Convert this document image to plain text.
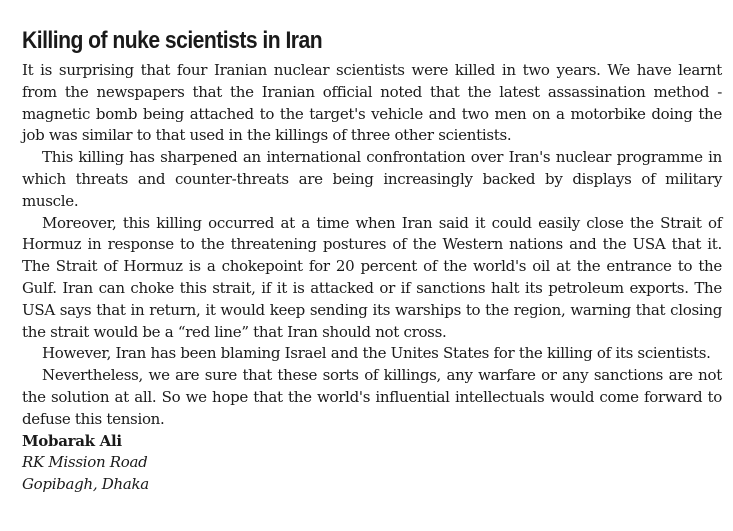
Killing of nuke scientists in Iran

It is surprising that four Iranian nuclear scientists were killed in two years. We have learnt from the newspapers that the Iranian official noted that the latest assassination method - magnetic bomb being attached to the target's vehicle and two men on a motorbike doing the job was similar to that used in the killings of three other scientists.

This killing has sharpened an international confrontation over Iran's nuclear programme in which threats and counter-threats are being increasingly backed by displays of military muscle.

Moreover, this killing occurred at a time when Iran said it could easily close the Strait of Hormuz in response to the threatening postures of the Western nations and the USA that it. The Strait of Hormuz is a chokepoint for 20 percent of the world's oil at the entrance to the Gulf. Iran can choke this strait, if it is attacked or if sanctions halt its petroleum exports. The USA says that in return, it would keep sending its warships to the region, warning that closing the strait would be a “red line” that Iran should not cross.

However, Iran has been blaming Israel and the Unites States for the killing of its scientists.

Nevertheless, we are sure that these sorts of killings, any warfare or any sanctions are not the solution at all. So we hope that the world's influential intellectuals would come forward to defuse this tension.

Mobarak Ali

RK Mission Road

Gopibagh, Dhaka
